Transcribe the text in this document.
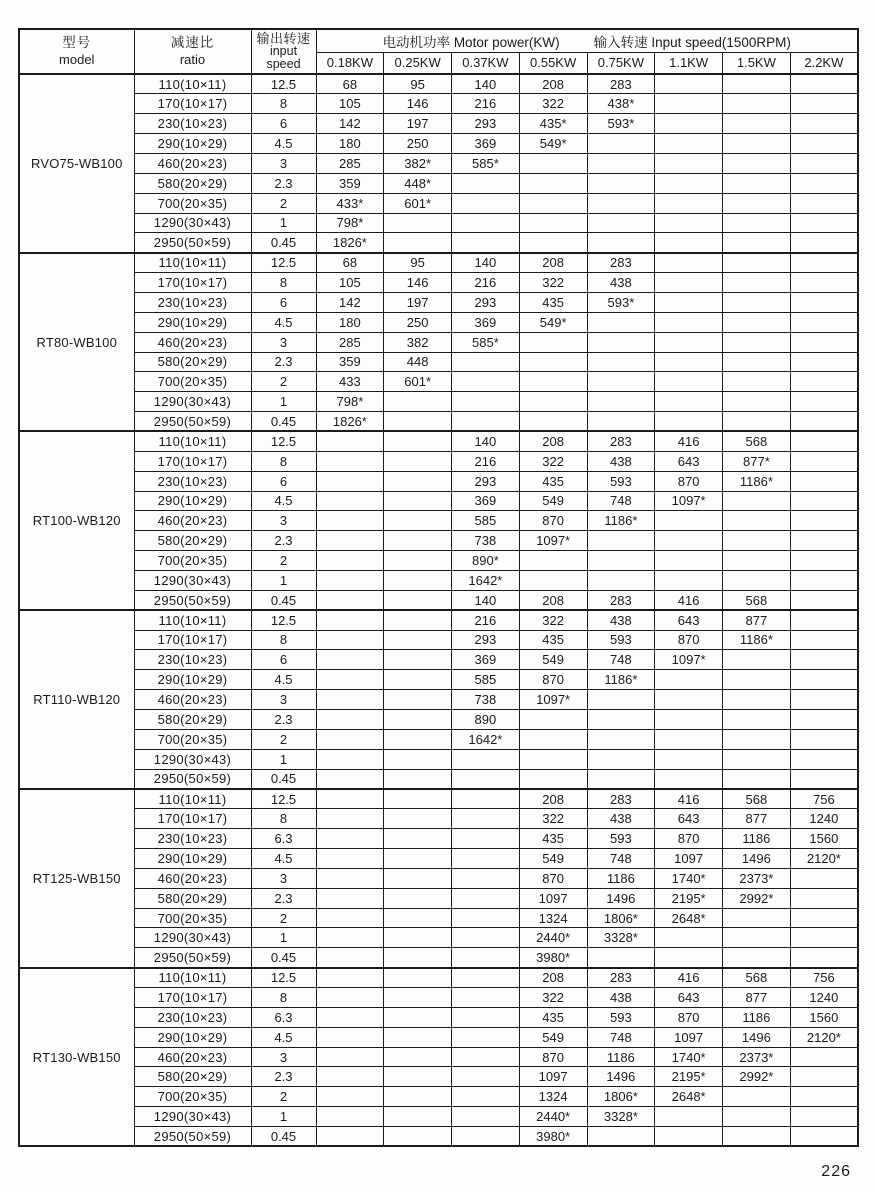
型号
model

减速比
ratio

输出转速
input
speed

电动机功率 Motor power(KW)	输入转速 Input speed(1500RPM)

			0.18KW	0.25KW	0.37KW	0.55KW	0.75KW	1.1KW	1.5KW	2.2KW
RVO75-WB100	110(10×11)	12.5	68	95	140	208	283			
	170(10×17)	8	105	146	216	322	438*			
	230(10×23)	6	142	197	293	435*	593*			
	290(10×29)	4.5	180	250	369	549*				
	460(20×23)	3	285	382*	585*					
	580(20×29)	2.3	359	448*						
	700(20×35)	2	433*	601*						
	1290(30×43)	1	798*							
	2950(50×59)	0.45	1826*							
RT80-WB100	110(10×11)	12.5	68	95	140	208	283			
	170(10×17)	8	105	146	216	322	438			
	230(10×23)	6	142	197	293	435	593*			
	290(10×29)	4.5	180	250	369	549*				
	460(20×23)	3	285	382	585*					
	580(20×29)	2.3	359	448						
	700(20×35)	2	433	601*						
	1290(30×43)	1	798*							
	2950(50×59)	0.45	1826*							
RT100-WB120	110(10×11)	12.5			140	208	283	416	568	
	170(10×17)	8			216	322	438	643	877*	
	230(10×23)	6			293	435	593	870	1186*	
	290(10×29)	4.5			369	549	748	1097*		
	460(20×23)	3			585	870	1186*			
	580(20×29)	2.3			738	1097*				
	700(20×35)	2			890*					
	1290(30×43)	1			1642*					
	2950(50×59)	0.45			140	208	283	416	568	
RT110-WB120	110(10×11)	12.5			216	322	438	643	877	
	170(10×17)	8			293	435	593	870	1186*	
	230(10×23)	6			369	549	748	1097*		
	290(10×29)	4.5			585	870	1186*			
	460(20×23)	3			738	1097*				
	580(20×29)	2.3			890					
	700(20×35)	2			1642*					
	1290(30×43)	1								
	2950(50×59)	0.45								
RT125-WB150	110(10×11)	12.5				208	283	416	568	756
	170(10×17)	8				322	438	643	877	1240
	230(10×23)	6.3				435	593	870	1186	1560
	290(10×29)	4.5				549	748	1097	1496	2120*
	460(20×23)	3				870	1186	1740*	2373*	
	580(20×29)	2.3				1097	1496	2195*	2992*	
	700(20×35)	2				1324	1806*	2648*		
	1290(30×43)	1				2440*	3328*			
	2950(50×59)	0.45				3980*				
RT130-WB150	110(10×11)	12.5				208	283	416	568	756
	170(10×17)	8				322	438	643	877	1240
	230(10×23)	6.3				435	593	870	1186	1560
	290(10×29)	4.5				549	748	1097	1496	2120*
	460(20×23)	3				870	1186	1740*	2373*	
	580(20×29)	2.3				1097	1496	2195*	2992*	
	700(20×35)	2				1324	1806*	2648*		
	1290(30×43)	1				2440*	3328*			
	2950(50×59)	0.45				3980*				
226
